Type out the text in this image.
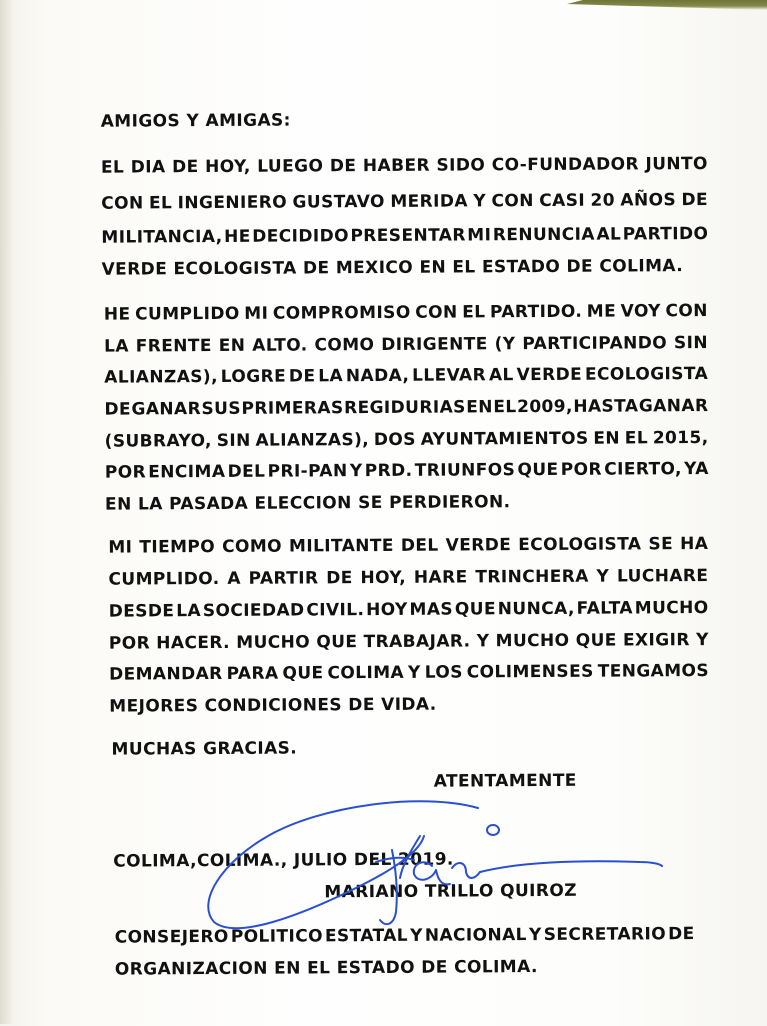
AMIGOS Y AMIGAS:

EL DIA DE HOY, LUEGO DE HABER SIDO CO-FUNDADOR JUNTO

CON EL INGENIERO GUSTAVO MERIDA Y CON CASI 20 AÑOS DE

MILITANCIA, HE DECIDIDO PRESENTAR MI RENUNCIA AL PARTIDO

VERDE ECOLOGISTA DE MEXICO EN EL ESTADO DE COLIMA.

HE CUMPLIDO MI COMPROMISO CON EL PARTIDO. ME VOY CON

LA FRENTE EN ALTO. COMO DIRIGENTE (Y PARTICIPANDO SIN

ALIANZAS), LOGRE DE LA NADA, LLEVAR AL VERDE ECOLOGISTA

DE GANAR SUS PRIMERAS REGIDURIAS EN EL 2009, HASTA GANAR

(SUBRAYO, SIN ALIANZAS), DOS AYUNTAMIENTOS EN EL 2015,

POR ENCIMA DEL PRI-PAN Y PRD. TRIUNFOS QUE POR CIERTO, YA

EN LA PASADA ELECCION SE PERDIERON.

MI TIEMPO COMO MILITANTE DEL VERDE ECOLOGISTA SE HA

CUMPLIDO. A PARTIR DE HOY, HARE TRINCHERA Y LUCHARE

DESDE LA SOCIEDAD CIVIL. HOY MAS QUE NUNCA, FALTA MUCHO

POR HACER. MUCHO QUE TRABAJAR. Y MUCHO QUE EXIGIR Y

DEMANDAR PARA QUE COLIMA Y LOS COLIMENSES TENGAMOS

MEJORES CONDICIONES DE VIDA.

MUCHAS GRACIAS.

ATENTAMENTE

COLIMA,COLIMA., JULIO DEL 2019.

MARIANO TRILLO QUIROZ

CONSEJERO POLITICO ESTATAL Y NACIONAL Y SECRETARIO DE

ORGANIZACION EN EL ESTADO DE COLIMA.
